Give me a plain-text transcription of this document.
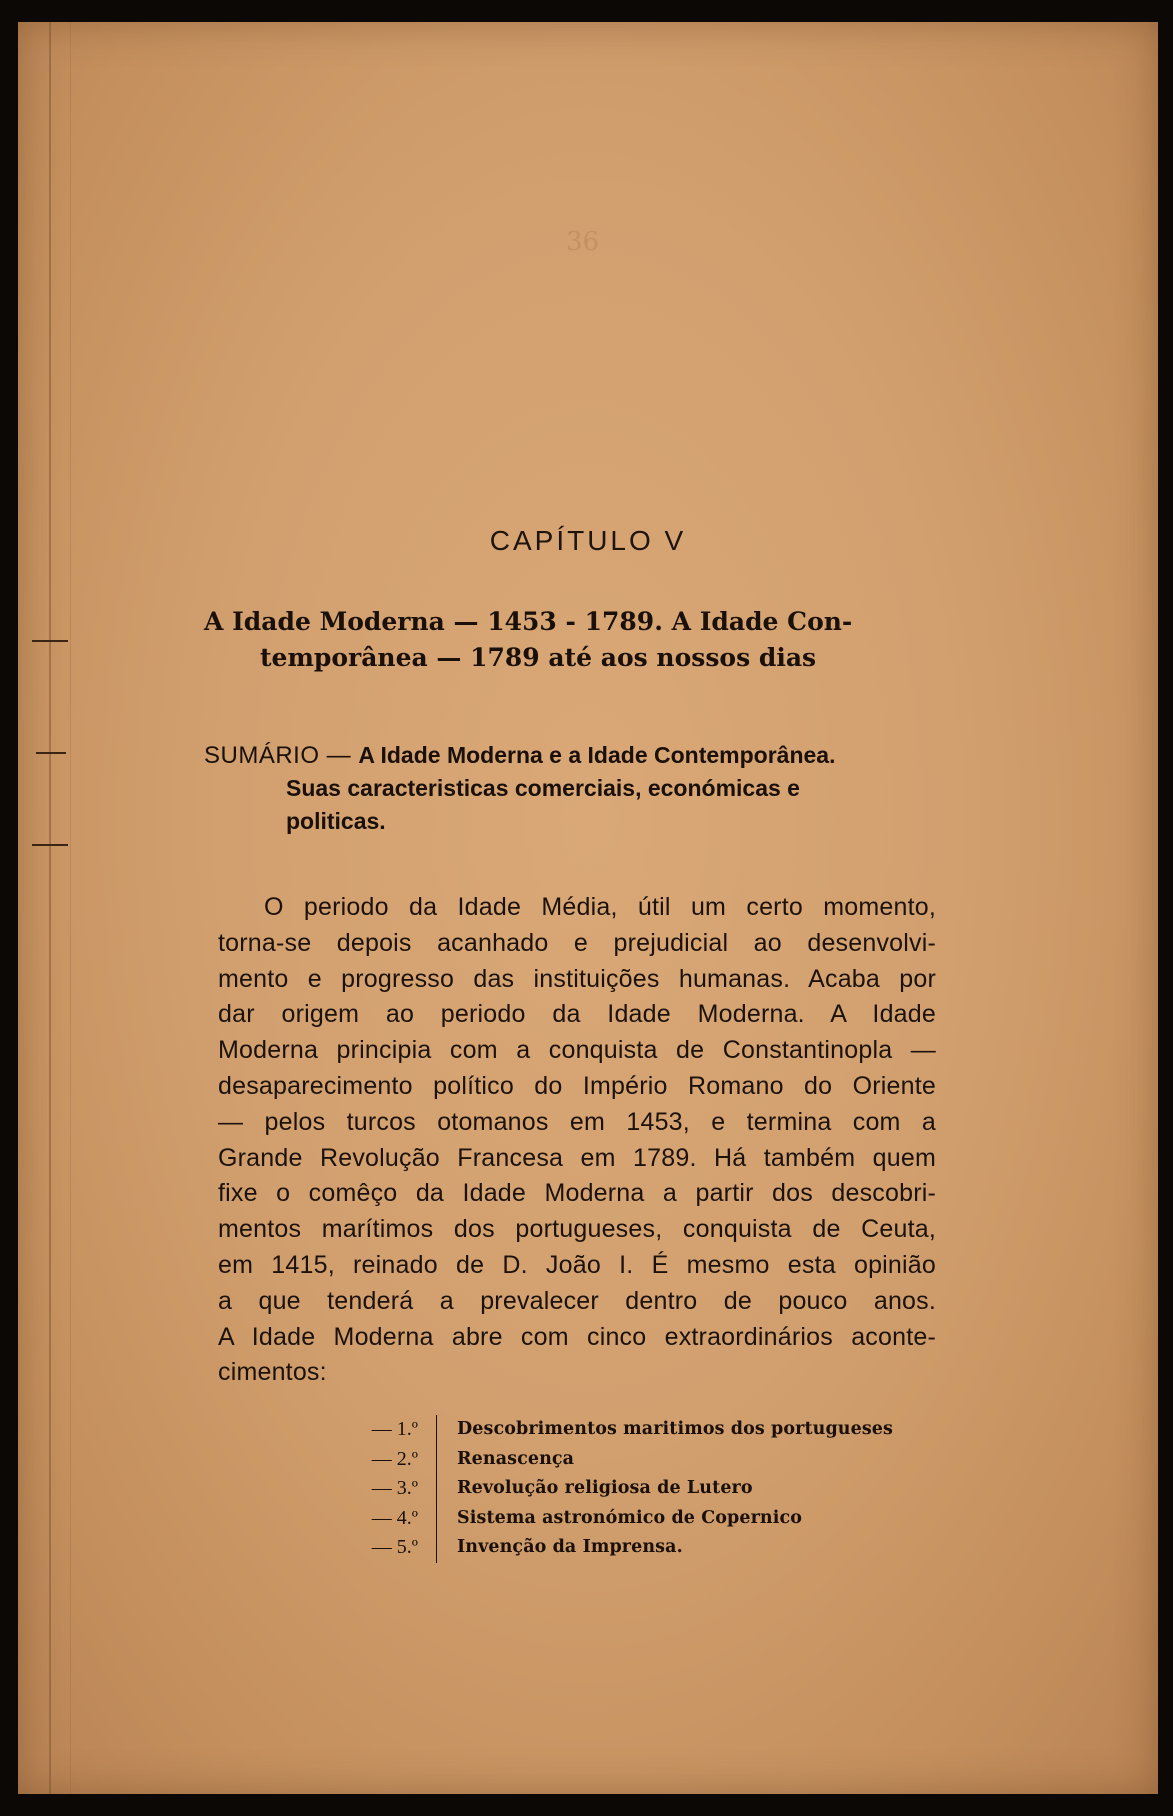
36
CAPÍTULO V
A Idade Moderna — 1453 - 1789. A Idade Con-
temporânea — 1789 até aos nossos dias
SUMÁRIO — A Idade Moderna e a Idade Contemporânea.
Suas caracteristicas comerciais, económicas e
politicas.
O periodo da Idade Média, útil um certo momento,
torna-se depois acanhado e prejudicial ao desenvolvi-
mento e progresso das instituições humanas. Acaba por
dar origem ao periodo da Idade Moderna. A Idade
Moderna principia com a conquista de Constantinopla —
desaparecimento político do Império Romano do Oriente
— pelos turcos otomanos em 1453, e termina com a
Grande Revolução Francesa em 1789. Há também quem
fixe o comêço da Idade Moderna a partir dos descobri-
mentos marítimos dos portugueses, conquista de Ceuta,
em 1415, reinado de D. João I. É mesmo esta opinião
a que tenderá a prevalecer dentro de pouco anos.
A Idade Moderna abre com cinco extraordinários aconte-
cimentos:
— 1.º	Descobrimentos maritimos dos portugueses
— 2.º	Renascença
— 3.º	Revolução religiosa de Lutero
— 4.º	Sistema astronómico de Copernico
— 5.º	Invenção da Imprensa.
